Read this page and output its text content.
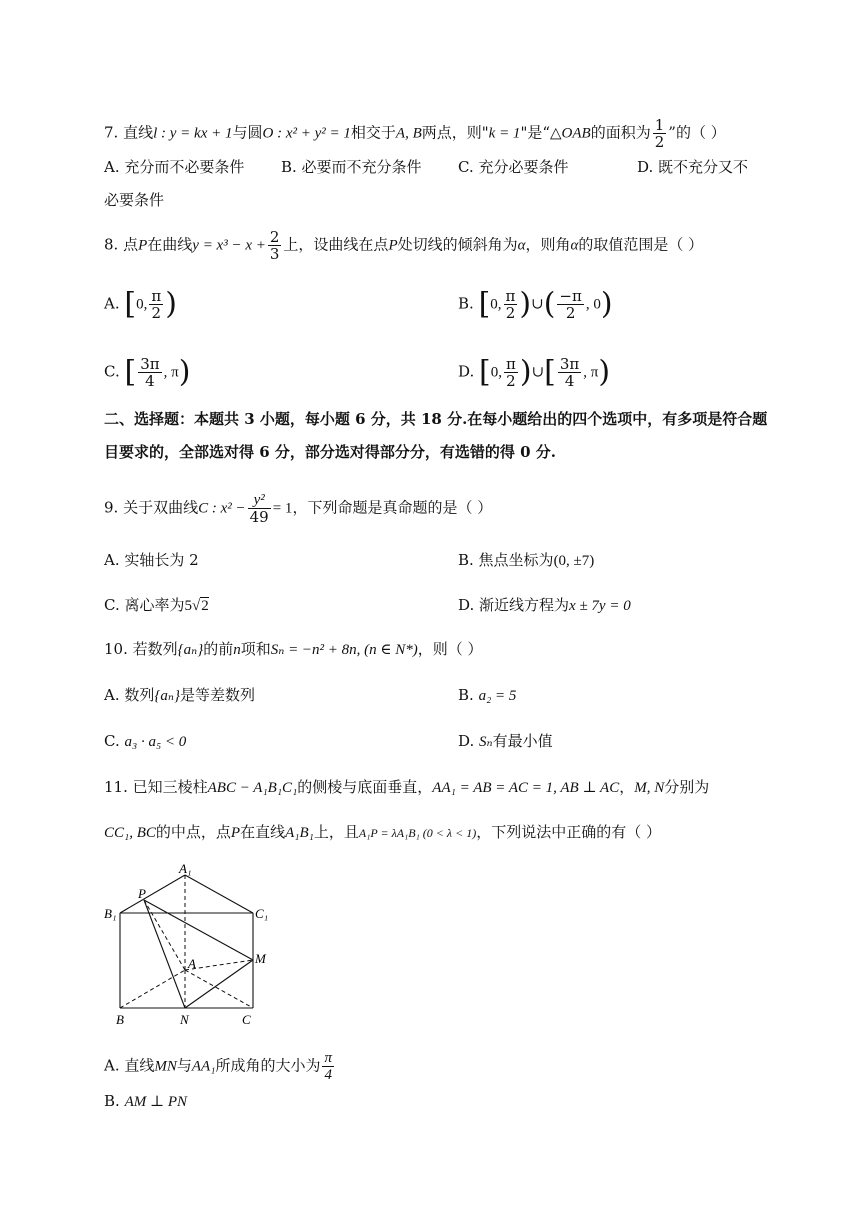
7. 直线l : y = kx + 1与圆O : x² + y² = 1相交于A, B两点，则"k = 1"是“△OAB的面积为 $\frac{1}{2}$ ”的（ ）
A. 充分而不必要条件 B. 必要而不充分条件 C. 充分必要条件	D. 既不充分又不
必要条件
8. 点P在曲线$y = x^3 - x + \frac{2}{3}$ 上，设曲线在点P处切线的倾斜角为α，则角α的取值范围是（ ）
A. [0, $\frac{\pi}{2}$ )	B. [0, $\frac{\pi}{2}$ )∪( $\frac{-\pi}{2}$ , 0)
C. [ $\frac{3\pi}{4}$ , π)	D. [0, $\frac{\pi}{2}$ )∪[ $\frac{3\pi}{4}$ , π)
二、选择题：本题共 3 小题，每小题 6 分，共 18 分.在每小题给出的四个选项中，有多项是符合题
目要求的，全部选对得 6 分，部分选对得部分分，有选错的得 0 分.
9. 关于双曲线C : $x^2 - \frac{\text{y²}}{49} = 1$，下列命题是真命题的是（ ）
A. 实轴长为 2	B. 焦点坐标为(0, ±7)
C. 离心率为5√2	D. 渐近线方程为x ± 7y = 0
10. 若数列{aₙ}的前n项和Sₙ = −n² + 8n, (n ∈ N*)，则（ ）
A. 数列{aₙ}是等差数列	B. a₂ = 5
C. a₃ · a₅ < 0	D. Sₙ有最小值
11. 已知三棱柱ABC − A₁B₁C₁的侧棱与底面垂直，AA₁ = AB = AC = 1, AB ⊥ AC，M, N分别为
CC₁, BC的中点，点P在直线A₁B₁上，且A₁P = λA₁B₁ (0 < λ < 1)，下列说法中正确的有（ ）
A₁
P
B₁	C₁
M
A
B	N	C
A. 直线MN与AA₁所成角的大小为 $\frac{\pi}{4}$
B. AM ⊥ PN
